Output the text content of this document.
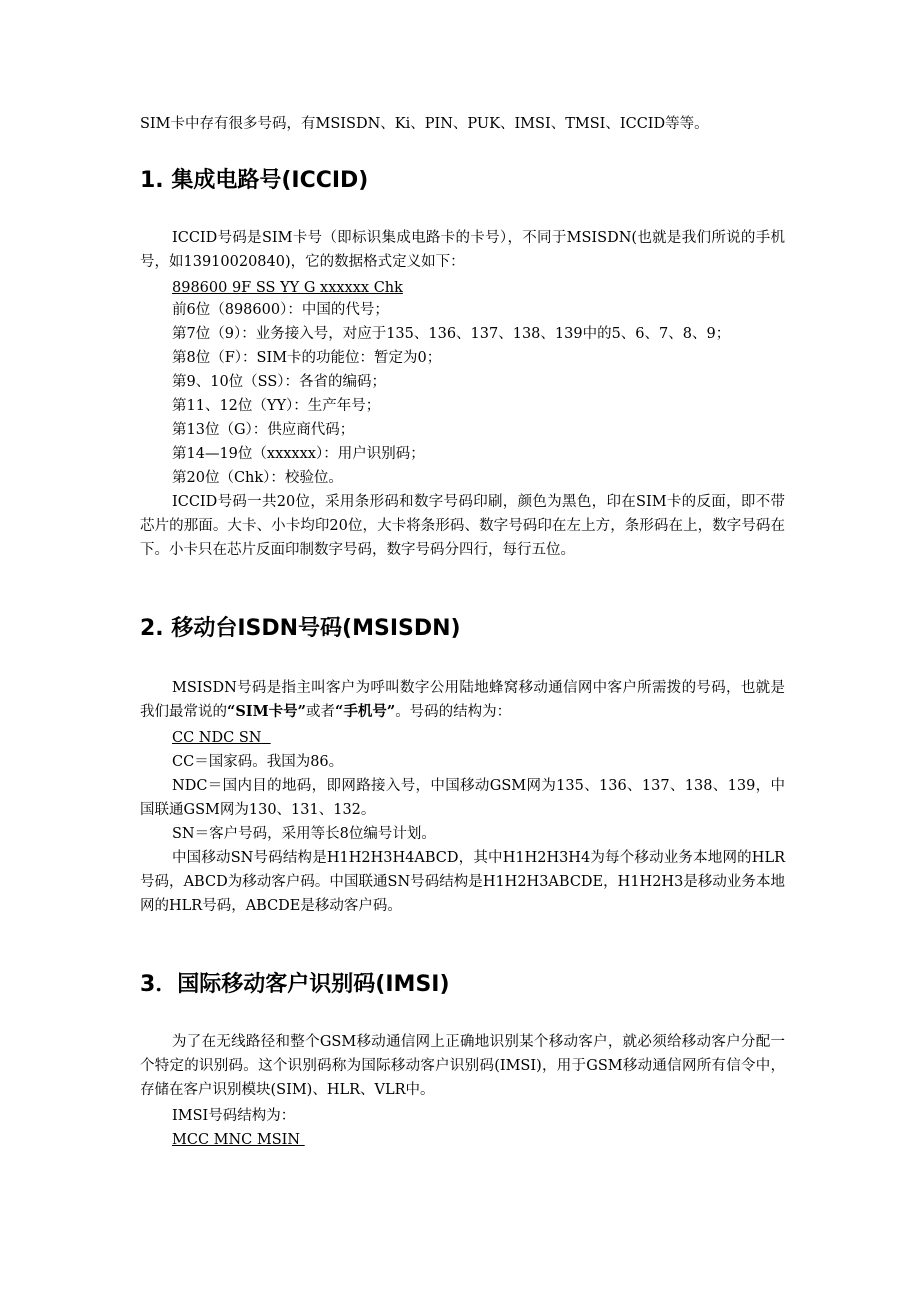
SIM卡中存有很多号码，有MSISDN、Ki、PIN、PUK、IMSI、TMSI、ICCID等等。

1. 集成电路号(ICCID)

ICCID号码是SIM卡号（即标识集成电路卡的卡号），不同于MSISDN(也就是我们所说的手机号，如13910020840)，它的数据格式定义如下：

898600 9F SS YY G xxxxxx Chk

前6位（898600）：中国的代号；

第7位（9）：业务接入号，对应于135、136、137、138、139中的5、6、7、8、9；

第8位（F）：SIM卡的功能位：暂定为0；

第9、10位（SS）：各省的编码；

第11、12位（YY）：生产年号；

第13位（G）：供应商代码；

第14—19位（xxxxxx）：用户识别码；

第20位（Chk）：校验位。

ICCID号码一共20位，采用条形码和数字号码印刷，颜色为黑色，印在SIM卡的反面，即不带芯片的那面。大卡、小卡均印20位，大卡将条形码、数字号码印在左上方，条形码在上，数字号码在下。小卡只在芯片反面印制数字号码，数字号码分四行，每行五位。

2. 移动台ISDN号码(MSISDN)

MSISDN号码是指主叫客户为呼叫数字公用陆地蜂窝移动通信网中客户所需拨的号码，也就是我们最常说的“SIM卡号”或者“手机号”。号码的结构为：

CC NDC SN

CC＝国家码。我国为86。

NDC＝国内目的地码，即网路接入号，中国移动GSM网为135、136、137、138、139，中国联通GSM网为130、131、132。

SN＝客户号码，采用等长8位编号计划。

中国移动SN号码结构是H1H2H3H4ABCD，其中H1H2H3H4为每个移动业务本地网的HLR号码，ABCD为移动客户码。中国联通SN号码结构是H1H2H3ABCDE，H1H2H3是移动业务本地网的HLR号码，ABCDE是移动客户码。

3．国际移动客户识别码(IMSI)

为了在无线路径和整个GSM移动通信网上正确地识别某个移动客户，就必须给移动客户分配一个特定的识别码。这个识别码称为国际移动客户识别码(IMSI)，用于GSM移动通信网所有信令中，存储在客户识别模块(SIM)、HLR、VLR中。

IMSI号码结构为：

MCC MNC MSIN
